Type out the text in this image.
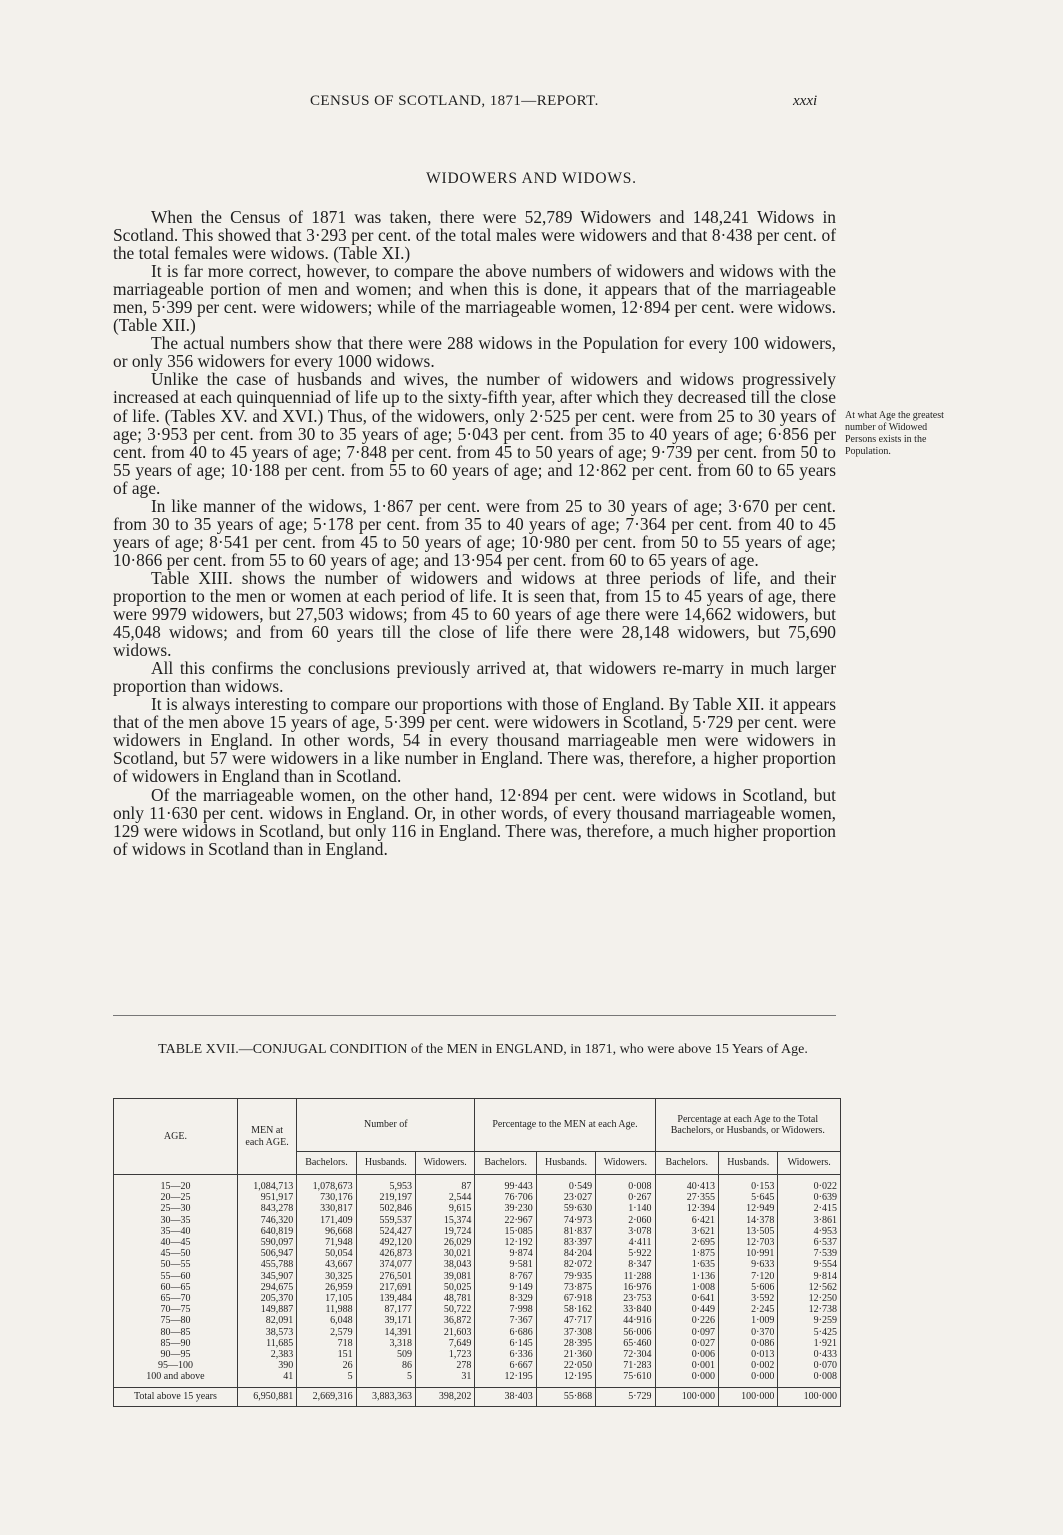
CENSUS OF SCOTLAND, 1871—REPORT.	xxxi
WIDOWERS AND WIDOWS.

When the Census of 1871 was taken, there were 52,789 Widowers and 148,241 Widows in Scotland. This showed that 3·293 per cent. of the total males were widowers and that 8·438 per cent. of the total females were widows. (Table XI.)

It is far more correct, however, to compare the above numbers of widowers and widows with the marriageable portion of men and women; and when this is done, it appears that of the marriageable men, 5·399 per cent. were widowers; while of the marriageable women, 12·894 per cent. were widows. (Table XII.)

The actual numbers show that there were 288 widows in the Population for every 100 widowers, or only 356 widowers for every 1000 widows.

Unlike the case of husbands and wives, the number of widowers and widows progressively increased at each quinquenniad of life up to the sixty-fifth year, after which they decreased till the close of life. (Tables XV. and XVI.) Thus, of the widowers, only 2·525 per cent. were from 25 to 30 years of age; 3·953 per cent. from 30 to 35 years of age; 5·043 per cent. from 35 to 40 years of age; 6·856 per cent. from 40 to 45 years of age; 7·848 per cent. from 45 to 50 years of age; 9·739 per cent. from 50 to 55 years of age; 10·188 per cent. from 55 to 60 years of age; and 12·862 per cent. from 60 to 65 years of age.

In like manner of the widows, 1·867 per cent. were from 25 to 30 years of age; 3·670 per cent. from 30 to 35 years of age; 5·178 per cent. from 35 to 40 years of age; 7·364 per cent. from 40 to 45 years of age; 8·541 per cent. from 45 to 50 years of age; 10·980 per cent. from 50 to 55 years of age; 10·866 per cent. from 55 to 60 years of age; and 13·954 per cent. from 60 to 65 years of age.

Table XIII. shows the number of widowers and widows at three periods of life, and their proportion to the men or women at each period of life. It is seen that, from 15 to 45 years of age, there were 9979 widowers, but 27,503 widows; from 45 to 60 years of age there were 14,662 widowers, but 45,048 widows; and from 60 years till the close of life there were 28,148 widowers, but 75,690 widows.

All this confirms the conclusions previously arrived at, that widowers re-marry in much larger proportion than widows.

It is always interesting to compare our proportions with those of England. By Table XII. it appears that of the men above 15 years of age, 5·399 per cent. were widowers in Scotland, 5·729 per cent. were widowers in England. In other words, 54 in every thousand marriageable men were widowers in Scotland, but 57 were widowers in a like number in England. There was, therefore, a higher proportion of widowers in England than in Scotland.

Of the marriageable women, on the other hand, 12·894 per cent. were widows in Scotland, but only 11·630 per cent. widows in England. Or, in other words, of every thousand marriageable women, 129 were widows in Scotland, but only 116 in England. There was, therefore, a much higher proportion of widows in Scotland than in England.

At what Age the greatest number of Widowed Persons exists in the Population.
TABLE XVII.—CONJUGAL CONDITION of the MEN in ENGLAND, in 1871, who were above 15 Years of Age.
AGE.	MEN at each AGE.	Number of			Percentage to the MEN at each Age.			Percentage at each Age to the Total Bachelors, or Husbands, or Widowers.		
		Bachelors.	Husbands.	Widowers.	Bachelors.	Husbands.	Widowers.	Bachelors.	Husbands.	Widowers.
15—20	1,084,713	1,078,673	5,953	87	99·443	0·549	0·008	40·413	0·153	0·022
20—25	951,917	730,176	219,197	2,544	76·706	23·027	0·267	27·355	5·645	0·639
25—30	843,278	330,817	502,846	9,615	39·230	59·630	1·140	12·394	12·949	2·415
30—35	746,320	171,409	559,537	15,374	22·967	74·973	2·060	6·421	14·378	3·861
35—40	640,819	96,668	524,427	19,724	15·085	81·837	3·078	3·621	13·505	4·953
40—45	590,097	71,948	492,120	26,029	12·192	83·397	4·411	2·695	12·703	6·537
45—50	506,947	50,054	426,873	30,021	9·874	84·204	5·922	1·875	10·991	7·539
50—55	455,788	43,667	374,077	38,043	9·581	82·072	8·347	1·635	9·633	9·554
55—60	345,907	30,325	276,501	39,081	8·767	79·935	11·288	1·136	7·120	9·814
60—65	294,675	26,959	217,691	50,025	9·149	73·875	16·976	1·008	5·606	12·562
65—70	205,370	17,105	139,484	48,781	8·329	67·918	23·753	0·641	3·592	12·250
70—75	149,887	11,988	87,177	50,722	7·998	58·162	33·840	0·449	2·245	12·738
75—80	82,091	6,048	39,171	36,872	7·367	47·717	44·916	0·226	1·009	9·259
80—85	38,573	2,579	14,391	21,603	6·686	37·308	56·006	0·097	0·370	5·425
85—90	11,685	718	3,318	7,649	6·145	28·395	65·460	0·027	0·086	1·921
90—95	2,383	151	509	1,723	6·336	21·360	72·304	0·006	0·013	0·433
95—100	390	26	86	278	6·667	22·050	71·283	0·001	0·002	0·070
100 and above	41	5	5	31	12·195	12·195	75·610	0·000	0·000	0·008
Total above 15 years	6,950,881	2,669,316	3,883,363	398,202	38·403	55·868	5·729	100·000	100·000	100·000
